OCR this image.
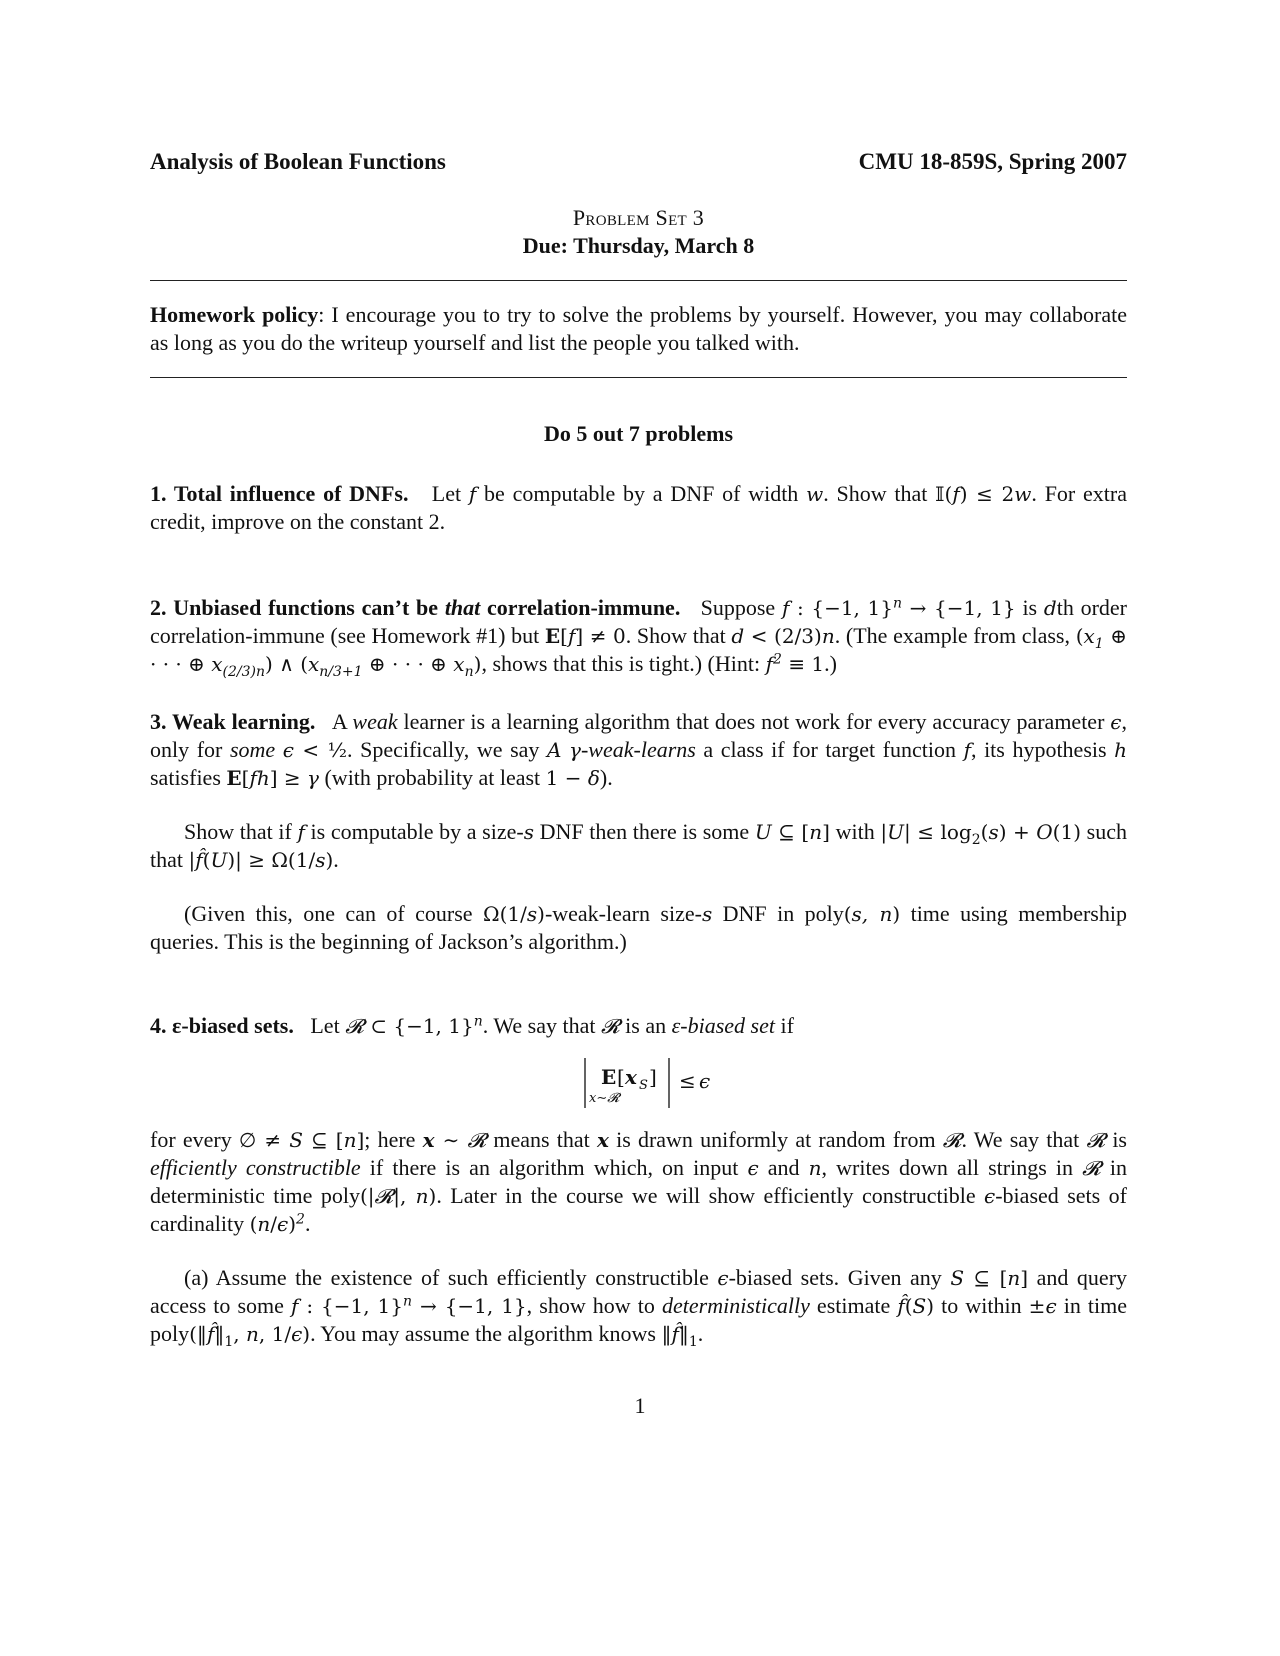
Analysis of Boolean Functions	CMU 18-859S, Spring 2007
Problem Set 3
Due: Thursday, March 8
Homework policy: I encourage you to try to solve the problems by yourself. However, you may collaborate as long as you do the writeup yourself and list the people you talked with.
Do 5 out 7 problems
1. Total influence of DNFs. Let f be computable by a DNF of width w. Show that 𝕀(f) ≤ 2w. For extra credit, improve on the constant 2.
2. Unbiased functions can’t be that correlation-immune. Suppose f : {−1, 1}$^n$ → {−1, 1} is dth order correlation-immune (see Homework #1) but E[f] ≠ 0. Show that d < (2/3)n. (The example from class, ($x_1$ ⊕ · · · ⊕ $x_{(2/3)n}$) ∧ ($x_{n/3+1}$ ⊕ · · · ⊕ $x_n$), shows that this is tight.) (Hint: $f^2 \equiv 1$.)
3. Weak learning. A weak learner is a learning algorithm that does not work for every accuracy parameter ϵ, only for some ϵ < ½. Specifically, we say A γ-weak-learns a class if for target function f, its hypothesis h satisfies E[fh] ≥ γ (with probability at least 1 − δ).
Show that if f is computable by a size-s DNF then there is some U ⊆ [n] with $|U| \le \log_2(s) + O(1)$ such that |f̂(U)| ≥ Ω(1/s).
(Given this, one can of course Ω(1/s)-weak-learn size-s DNF in poly(s, n) time using membership queries. This is the beginning of Jackson’s algorithm.)
4. ε-biased sets. Let 𝓡 ⊂ {−1, 1}$^n$. We say that 𝓡 is an ε-biased set if
E [ x S ]
x∼𝓡
≤ ϵ
for every ∅ ≠ S ⊆ [n]; here x ∼ 𝓡 means that x is drawn uniformly at random from 𝓡. We say that 𝓡 is efficiently constructible if there is an algorithm which, on input ϵ and n, writes down all strings in 𝓡 in deterministic time poly(|𝓡|, n). Later in the course we will show efficiently constructible ϵ-biased sets of cardinality $(n/\epsilon)^2$.
(a) Assume the existence of such efficiently constructible ϵ-biased sets. Given any S ⊆ [n] and query access to some f : {−1, 1}$^n$ → {−1, 1}, show how to deterministically estimate f̂(S) to within ±ϵ in time $poly(‖f̂‖_1$, n, 1/ϵ). You may assume the algorithm knows $‖f̂‖_1$.
1
